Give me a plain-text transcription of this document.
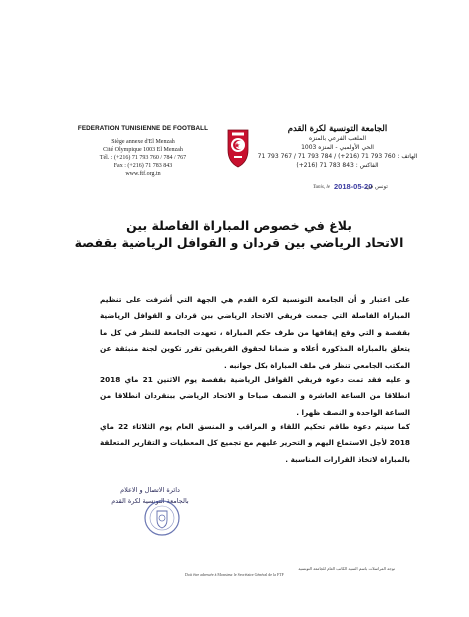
FEDERATION TUNISIENNE DE FOOTBALL
Siège annexe d'El Menzah
Cité Olympique 1003 El Menzah
Tél. : (+216) 71 793 760 / 784 / 767
Fax : (+216) 71 783 843
www.ftf.org.tn
الجامعة التونسية لكرة القدم
الملعب الفرعي بالمنزه
الحي الأولمبي - المنزه 1003
الهاتف : 760 793 71 (216+) / 784 793 71 / 767 793 71
الفاكس : 843 783 71 (216+)
Tunis, le 2018-05-20
تونس في
بلاغ في خصوص المباراة الفاصلة بين
الاتحاد الرياضي بين قردان و القوافل الرياضية بقفصة
على اعتبار و أن الجامعة التونسية لكرة القدم هي الجهة التي أشرفت على تنظيم المباراة الفاصلة التي جمعت فريقي الاتحاد الرياضي ببن قردان و القوافل الرياضية بقفصة و التي وقع إيقافها من طرف حكم المباراة ، تعهدت الجامعة للنظر في كل ما يتعلق بالمباراة المذكورة أعلاه و ضمانا لحقوق الفريقين تقرر تكوين لجنة منبثقة عن المكتب الجامعي تنظر في ملف المباراة بكل جوانبه .
و عليه فقد تمت دعوة فريقي القوافل الرياضية بقفصة يوم الاثنين 21 ماي 2018 انطلاقا من الساعة العاشرة و النصف صباحا و الاتحاد الرياضي ببنقردان انطلاقا من الساعة الواحدة و النصف ظهرا .
كما سيتم دعوة طاقم تحكيم اللقاء و المراقب و المنسق العام يوم الثلاثاء 22 ماي 2018 لأجل الاستماع اليهم و التحرير عليهم مع تجميع كل المعطيات و التقارير المتعلقة بالمباراة لاتخاذ القرارات المناسبة .
دائرة الاتصال و الاعلام
بالجامعة التونسية لكرة القدم
توجه المراسلات باسم السيد الكاتب العام للجامعة التونسية
Doit être adressée à Monsieur le Secrétaire Général de la FTF
